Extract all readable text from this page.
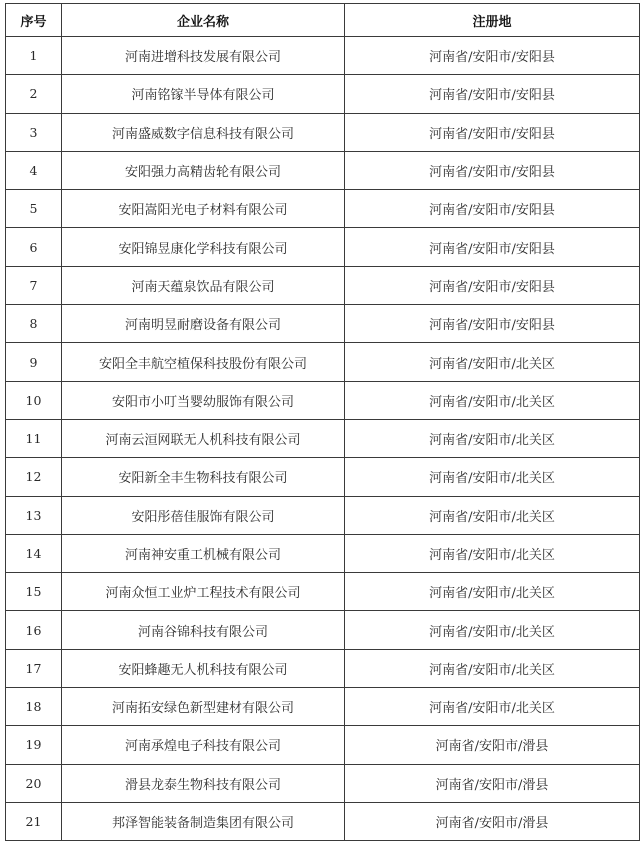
序号	企业名称	注册地
1	河南进增科技发展有限公司	河南省/安阳市/安阳县
2	河南铭镓半导体有限公司	河南省/安阳市/安阳县
3	河南盛威数字信息科技有限公司	河南省/安阳市/安阳县
4	安阳强力高精齿轮有限公司	河南省/安阳市/安阳县
5	安阳嵩阳光电子材料有限公司	河南省/安阳市/安阳县
6	安阳锦昱康化学科技有限公司	河南省/安阳市/安阳县
7	河南天蕴泉饮品有限公司	河南省/安阳市/安阳县
8	河南明昱耐磨设备有限公司	河南省/安阳市/安阳县
9	安阳全丰航空植保科技股份有限公司	河南省/安阳市/北关区
10	安阳市小叮当婴幼服饰有限公司	河南省/安阳市/北关区
11	河南云洹网联无人机科技有限公司	河南省/安阳市/北关区
12	安阳新全丰生物科技有限公司	河南省/安阳市/北关区
13	安阳彤蓓佳服饰有限公司	河南省/安阳市/北关区
14	河南神安重工机械有限公司	河南省/安阳市/北关区
15	河南众恒工业炉工程技术有限公司	河南省/安阳市/北关区
16	河南谷锦科技有限公司	河南省/安阳市/北关区
17	安阳蜂趣无人机科技有限公司	河南省/安阳市/北关区
18	河南拓安绿色新型建材有限公司	河南省/安阳市/北关区
19	河南承煌电子科技有限公司	河南省/安阳市/滑县
20	滑县龙泰生物科技有限公司	河南省/安阳市/滑县
21	邦泽智能装备制造集团有限公司	河南省/安阳市/滑县
